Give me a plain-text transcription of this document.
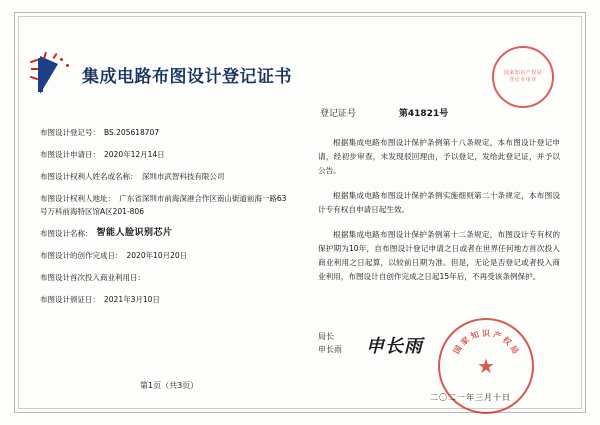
集成电路布图设计登记证书	国家知识产权局 登记专用章
登记证号	第41821号
布图设计登记号： BS.205618707
布图设计申请日： 2020年12月14日
布图设计权利人姓名或名称： 深圳市武智科技有限公司
布图设计权利人地址： 广东省深圳市前海深港合作区南山街道前海一路63号万科前海特区馆A区201-806
布图设计名称： 智能人脸识别芯片
布图设计的创作完成日： 2020年10月20日
布图设计首次投入商业利用日：
布图设计颁证日： 2021年3月10日

根据集成电路布图设计保护条例第十八条规定，本布图设计登记申请，经初步审查，未发现驳回理由，予以登记，发给此登记证，并予以公告。

根据集成电路布图设计保护条例实施细则第二十条规定，本布图设计专有权自申请日起生效。

根据集成电路布图设计保护条例第十二条规定，布图设计专有权的保护期为10年，自布图设计登记申请之日或者在世界任何地方首次投入商业利用之日起算，以较前日期为准。但是，无论是否登记或者投入商业利用，布图设计自创作完成之日起15年后，不再受该条例保护。

局长
申长雨 申长雨	国
家
知 识 产
权
局
★
二〇二一年三月十日
第1页（共3页）
